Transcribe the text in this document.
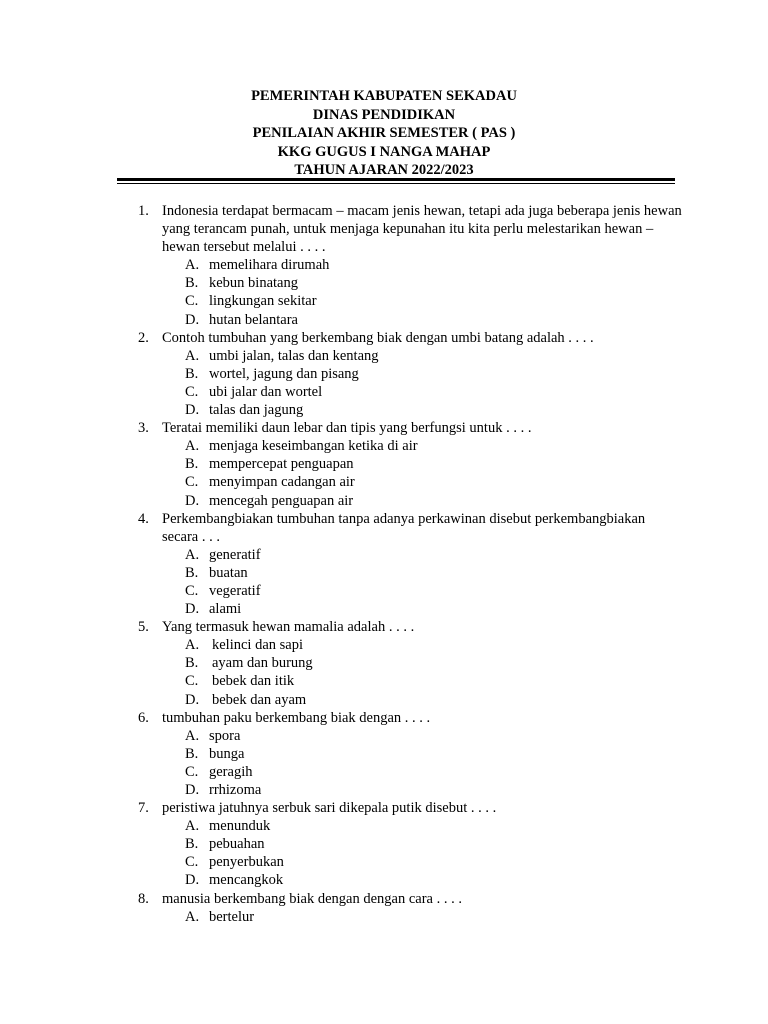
PEMERINTAH KABUPATEN SEKADAU
DINAS PENDIDIKAN
PENILAIAN AKHIR SEMESTER ( PAS )
KKG GUGUS I NANGA MAHAP
TAHUN AJARAN 2022/2023
1. Indonesia terdapat bermacam – macam jenis hewan, tetapi ada juga beberapa jenis hewan yang terancam punah, untuk menjaga kepunahan itu kita perlu melestarikan hewan – hewan tersebut melalui . . . .
A. memelihara dirumah
B. kebun binatang
C. lingkungan sekitar
D. hutan belantara
2. Contoh tumbuhan yang berkembang biak dengan umbi batang adalah . . . .
A. umbi jalan, talas dan kentang
B. wortel, jagung dan pisang
C. ubi jalar dan wortel
D. talas dan jagung
3. Teratai memiliki daun lebar dan tipis yang berfungsi untuk . . . .
A. menjaga keseimbangan ketika di air
B. mempercepat penguapan
C. menyimpan cadangan air
D. mencegah penguapan air
4. Perkembangbiakan tumbuhan tanpa adanya perkawinan disebut perkembangbiakan secara . . .
A. generatif
B. buatan
C. vegeratif
D. alami
5. Yang termasuk hewan mamalia adalah . . . .
A. kelinci dan sapi
B. ayam dan burung
C. bebek dan itik
D. bebek dan ayam
6. tumbuhan paku berkembang biak dengan . . . .
A. spora
B. bunga
C. geragih
D. rrhizoma
7. peristiwa jatuhnya serbuk sari dikepala putik disebut . . . .
A. menunduk
B. pebuahan
C. penyerbukan
D. mencangkok
8. manusia berkembang biak dengan dengan cara . . . .
A. bertelur
